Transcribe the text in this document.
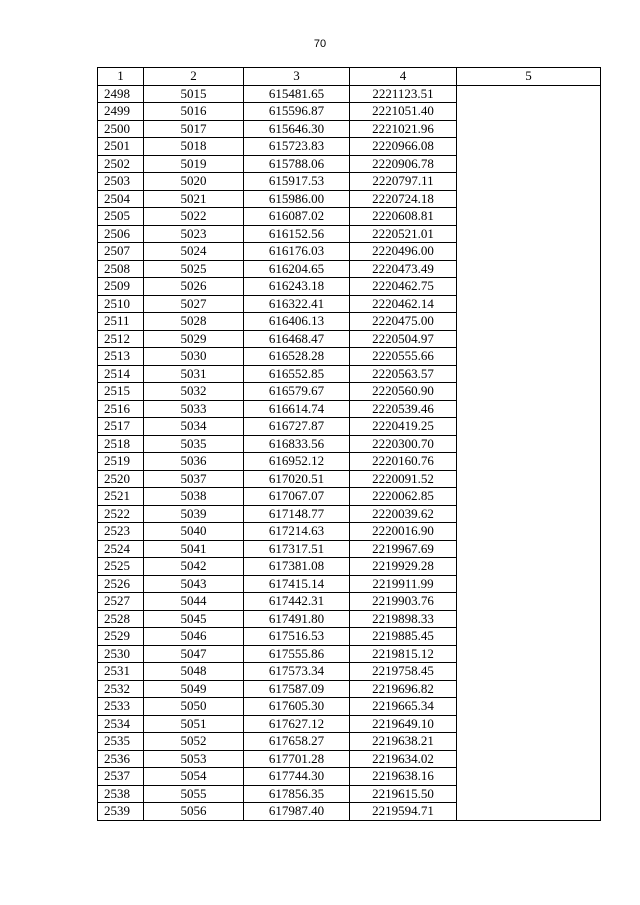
70
1	2	3	4	5
2498	5015	615481.65	2221123.51	
2499	5016	615596.87	2221051.40	
2500	5017	615646.30	2221021.96	
2501	5018	615723.83	2220966.08	
2502	5019	615788.06	2220906.78	
2503	5020	615917.53	2220797.11	
2504	5021	615986.00	2220724.18	
2505	5022	616087.02	2220608.81	
2506	5023	616152.56	2220521.01	
2507	5024	616176.03	2220496.00	
2508	5025	616204.65	2220473.49	
2509	5026	616243.18	2220462.75	
2510	5027	616322.41	2220462.14	
2511	5028	616406.13	2220475.00	
2512	5029	616468.47	2220504.97	
2513	5030	616528.28	2220555.66	
2514	5031	616552.85	2220563.57	
2515	5032	616579.67	2220560.90	
2516	5033	616614.74	2220539.46	
2517	5034	616727.87	2220419.25	
2518	5035	616833.56	2220300.70	
2519	5036	616952.12	2220160.76	
2520	5037	617020.51	2220091.52	
2521	5038	617067.07	2220062.85	
2522	5039	617148.77	2220039.62	
2523	5040	617214.63	2220016.90	
2524	5041	617317.51	2219967.69	
2525	5042	617381.08	2219929.28	
2526	5043	617415.14	2219911.99	
2527	5044	617442.31	2219903.76	
2528	5045	617491.80	2219898.33	
2529	5046	617516.53	2219885.45	
2530	5047	617555.86	2219815.12	
2531	5048	617573.34	2219758.45	
2532	5049	617587.09	2219696.82	
2533	5050	617605.30	2219665.34	
2534	5051	617627.12	2219649.10	
2535	5052	617658.27	2219638.21	
2536	5053	617701.28	2219634.02	
2537	5054	617744.30	2219638.16	
2538	5055	617856.35	2219615.50	
2539	5056	617987.40	2219594.71	
